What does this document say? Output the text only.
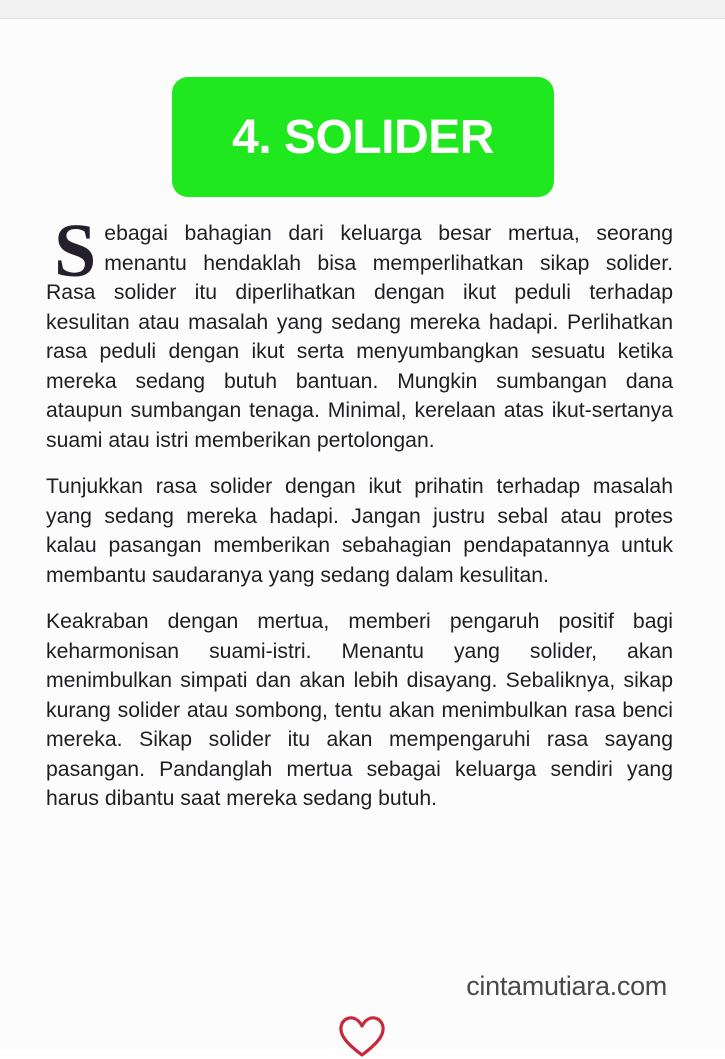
4. SOLIDER

Sebagai bahagian dari keluarga besar mertua, seorang menantu hendaklah bisa memperlihatkan sikap solider. Rasa solider itu diperlihatkan dengan ikut peduli terhadap kesulitan atau masalah yang sedang mereka hadapi. Perlihatkan rasa peduli dengan ikut serta menyumbangkan sesuatu ketika mereka sedang butuh bantuan. Mungkin sumbangan dana ataupun sumbangan tenaga. Minimal, kerelaan atas ikut-sertanya suami atau istri memberikan pertolongan.

Tunjukkan rasa solider dengan ikut prihatin terhadap masalah yang sedang mereka hadapi. Jangan justru sebal atau protes kalau pasangan memberikan sebahagian pendapatannya untuk membantu saudaranya yang sedang dalam kesulitan.

Keakraban dengan mertua, memberi pengaruh positif bagi keharmonisan suami-istri. Menantu yang solider, akan menimbulkan simpati dan akan lebih disayang. Sebaliknya, sikap kurang solider atau sombong, tentu akan menimbulkan rasa benci mereka. Sikap solider itu akan mempengaruhi rasa sayang pasangan. Pandanglah mertua sebagai keluarga sendiri yang harus dibantu saat mereka sedang butuh.

cintamutiara.com
